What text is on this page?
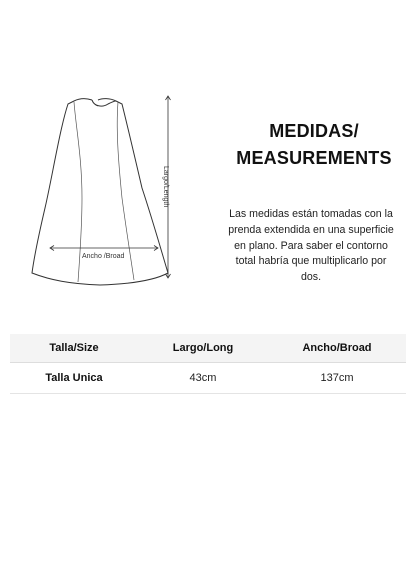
Largo/Length
Ancho /Broad
MEDIDAS/
MEASUREMENTS

Las medidas están tomadas con la prenda extendida en una superficie en plano. Para saber el contorno total habría que multiplicarlo por dos.

Talla/Size	Largo/Long	Ancho/Broad
Talla Unica	43cm	137cm
